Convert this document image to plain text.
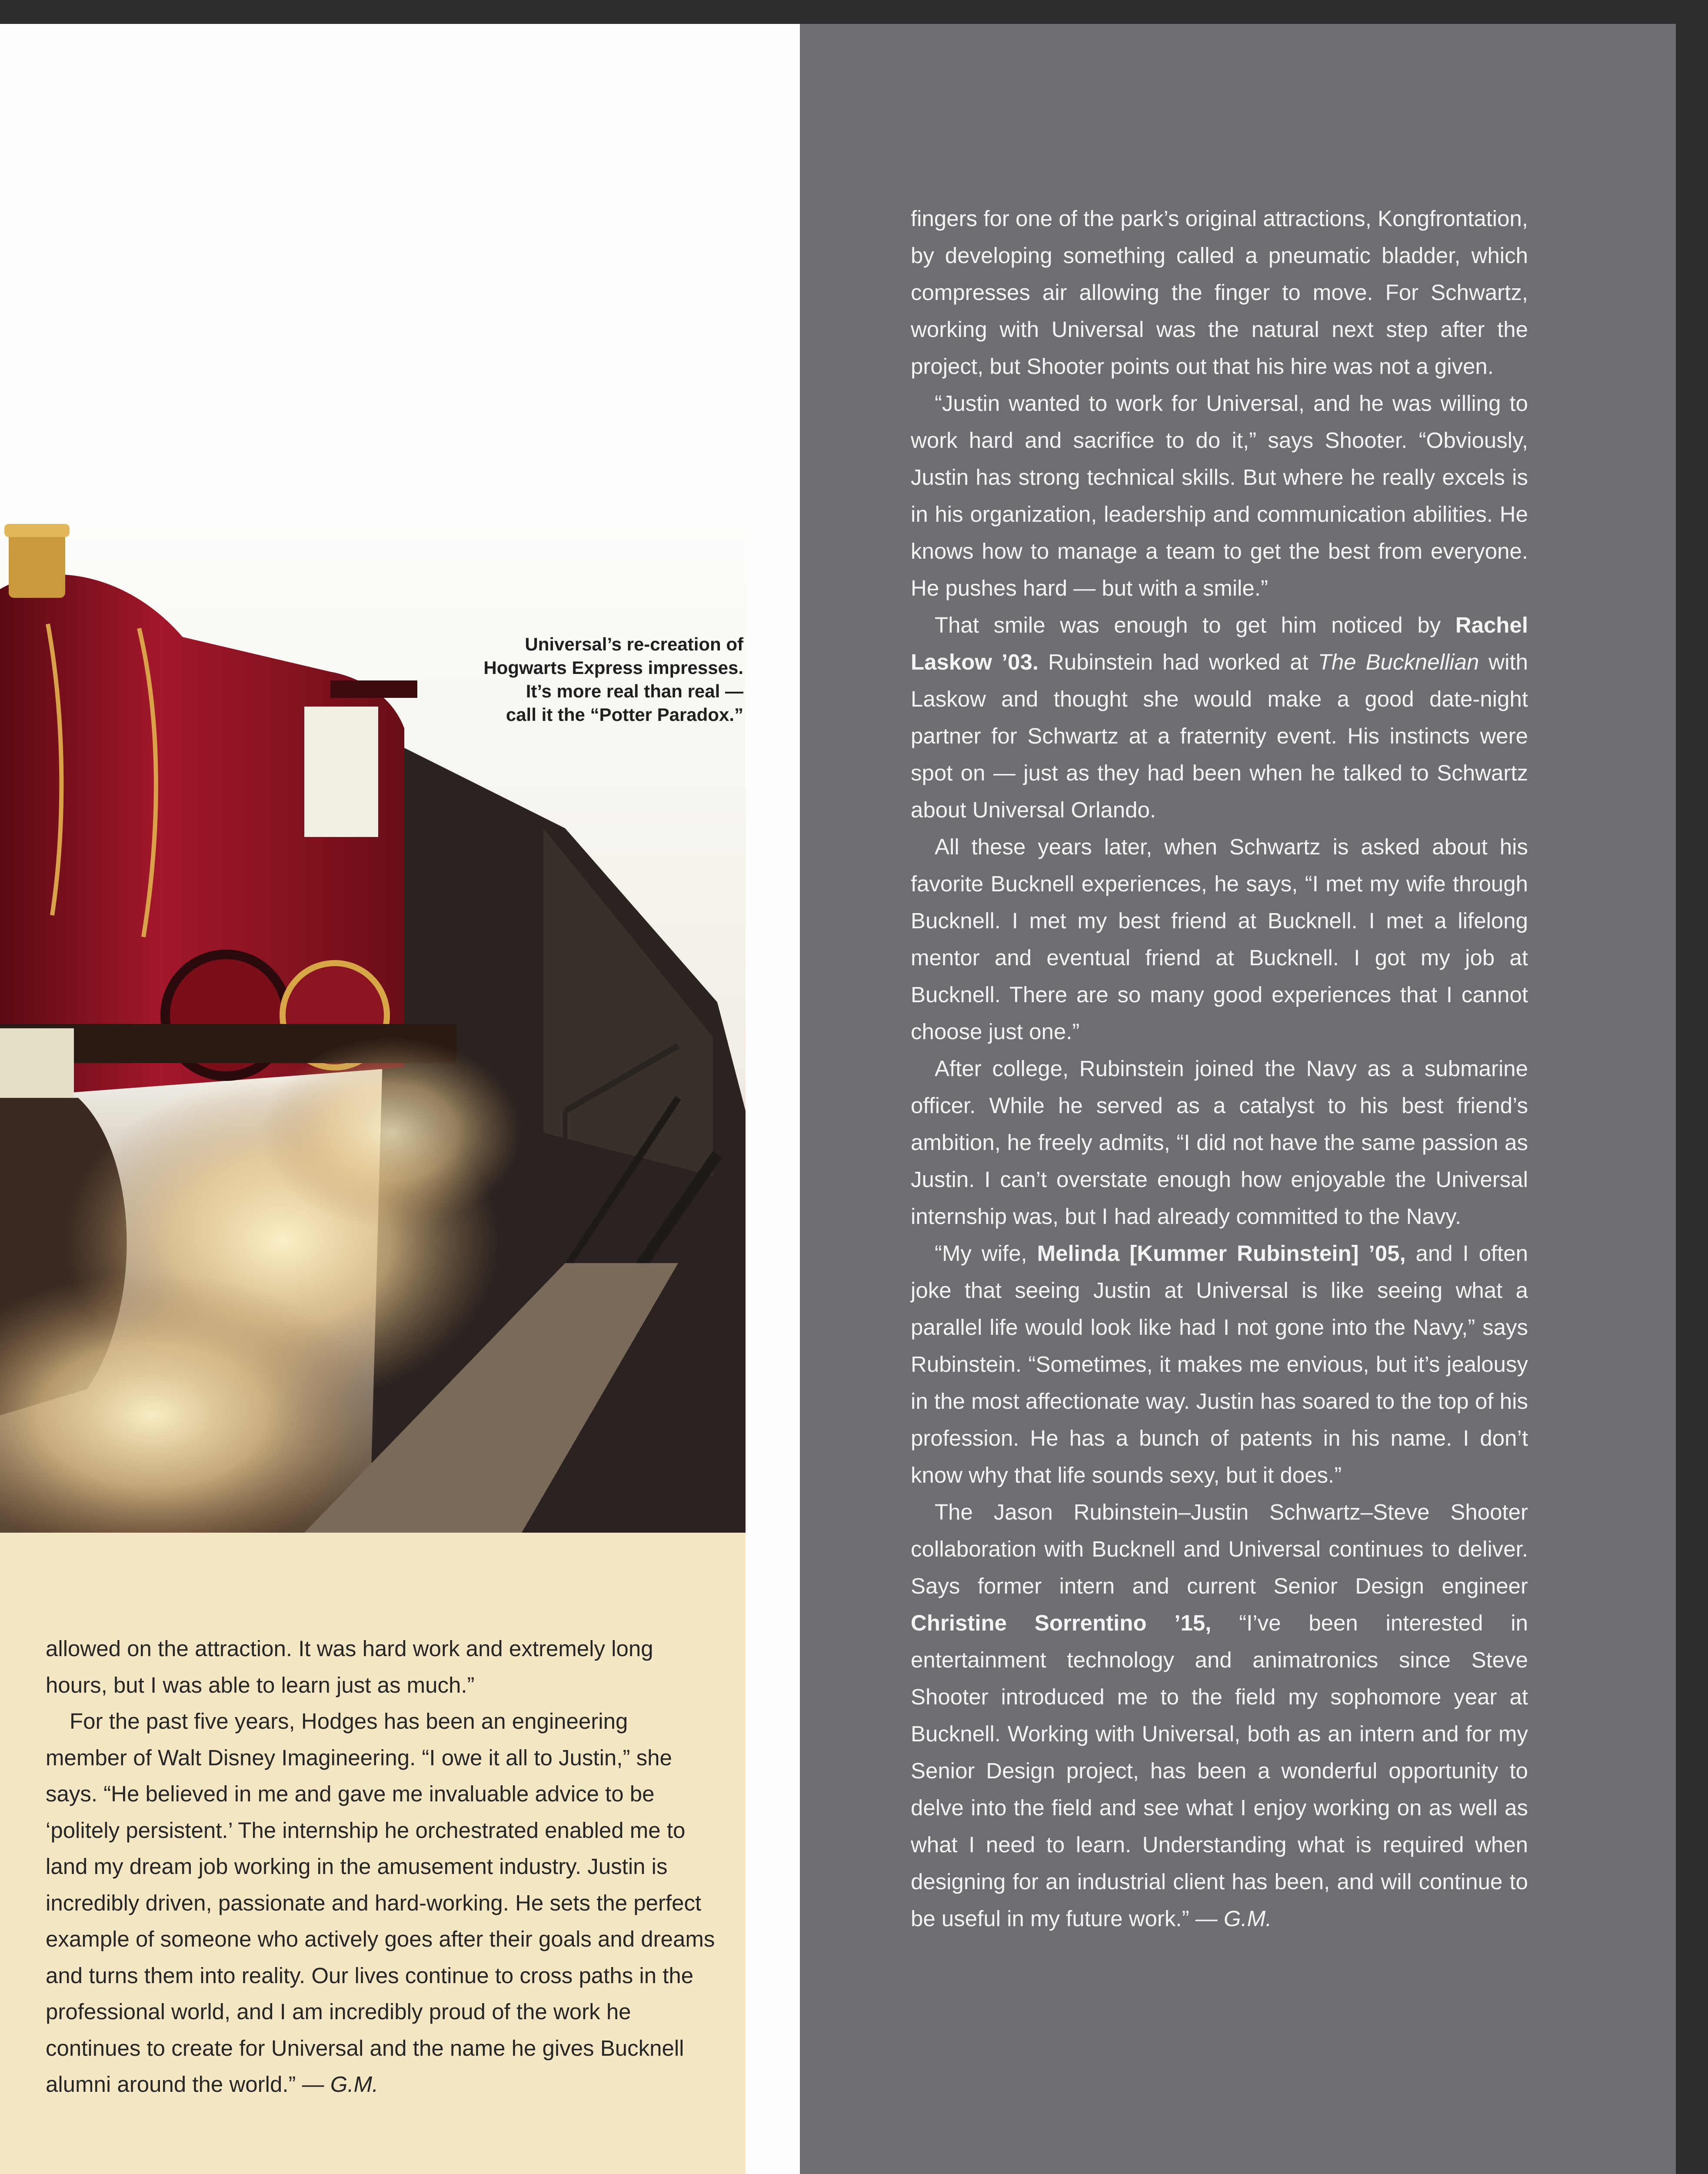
Universal’s re-creation of
Hogwarts Express impresses.
It’s more real than real —
call it the “Potter Paradox.”

allowed on the attraction. It was hard work and extremely long hours, but I was able to learn just as much.”

For the past five years, Hodges has been an engineering member of Walt Disney Imagineering. “I owe it all to Justin,” she says. “He believed in me and gave me invaluable advice to be ‘politely persistent.’ The internship he orchestrated enabled me to land my dream job working in the amusement industry. Justin is incredibly driven, passionate and hard-working. He sets the perfect example of someone who actively goes after their goals and dreams and turns them into reality. Our lives continue to cross paths in the professional world, and I am incredibly proud of the work he continues to create for Universal and the name he gives Bucknell alumni around the world.” — G.M.

fingers for one of the park’s original attractions, Kongfrontation, by developing something called a pneumatic bladder, which compresses air allowing the finger to move. For Schwartz, working with Universal was the natural next step after the project, but Shooter points out that his hire was not a given.

“Justin wanted to work for Universal, and he was willing to work hard and sacrifice to do it,” says Shooter. “Obviously, Justin has strong technical skills. But where he really excels is in his organization, leadership and communication abilities. He knows how to manage a team to get the best from everyone. He pushes hard — but with a smile.”

That smile was enough to get him noticed by Rachel Laskow ’03. Rubinstein had worked at The Bucknellian with Laskow and thought she would make a good date-night partner for Schwartz at a fraternity event. His instincts were spot on — just as they had been when he talked to Schwartz about Universal Orlando.

All these years later, when Schwartz is asked about his favorite Bucknell experiences, he says, “I met my wife through Bucknell. I met my best friend at Bucknell. I met a lifelong mentor and eventual friend at Bucknell. I got my job at Bucknell. There are so many good experiences that I cannot choose just one.”

After college, Rubinstein joined the Navy as a submarine officer. While he served as a catalyst to his best friend’s ambition, he freely admits, “I did not have the same passion as Justin. I can’t overstate enough how enjoyable the Universal internship was, but I had already committed to the Navy.

“My wife, Melinda [Kummer Rubinstein] ’05, and I often joke that seeing Justin at Universal is like seeing what a parallel life would look like had I not gone into the Navy,” says Rubinstein. “Sometimes, it makes me envious, but it’s jealousy in the most affectionate way. Justin has soared to the top of his profession. He has a bunch of patents in his name. I don’t know why that life sounds sexy, but it does.”

The Jason Rubinstein–Justin Schwartz–Steve Shooter collaboration with Bucknell and Universal continues to deliver. Says former intern and current Senior Design engineer Christine Sorrentino ’15, “I’ve been interested in entertainment technology and animatronics since Steve Shooter introduced me to the field my sophomore year at Bucknell. Working with Universal, both as an intern and for my Senior Design project, has been a wonderful opportunity to delve into the field and see what I enjoy working on as well as what I need to learn. Understanding what is required when designing for an industrial client has been, and will continue to be useful in my future work.” — G.M.
